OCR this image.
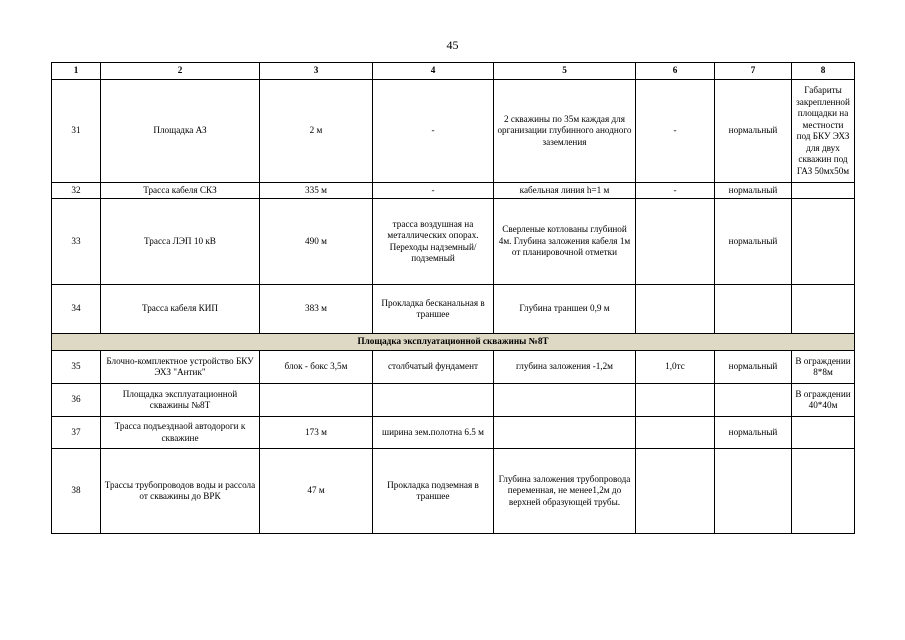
45
1	2	3	4	5	6	7	8
31	Площадка АЗ	2 м	-	2 скважины по 35м каждая для организации глубинного анодного заземления	-	нормальный	Габариты закрепленной площадки на местности под БКУ ЭХЗ для двух скважин под ГАЗ 50мх50м
32	Трасса кабеля СКЗ	335 м	-	кабельная линия h=1 м	-	нормальный	
33	Трасса ЛЭП 10 кВ	490 м	трасса воздушная на металлических опорах. Переходы надземный/подземный	Сверленые котлованы глубиной 4м. Глубина заложения кабеля 1м от планировочной отметки		нормальный	
34	Трасса кабеля КИП	383 м	Прокладка бесканальная в траншее	Глубина траншеи 0,9 м			
Площадка эксплуатационной скважины №8Т							
35	Блочно-комплектное устройство БКУ ЭХЗ "Антик"	блок - бокс 3,5м	столбчатый фундамент	глубина заложения -1,2м	1,0тс	нормальный	В ограждении 8*8м
36	Площадка эксплуатационной скважины №8Т						В ограждении 40*40м
37	Трасса подъезднаой автодороги к скважине	173 м	ширина зем.полотна 6.5 м			нормальный	
38	Трассы трубопроводов воды и рассола от скважины до ВРК	47 м	Прокладка подземная в траншее	Глубина заложения трубопровода переменная, не менее1,2м до верхней образующей трубы.			
